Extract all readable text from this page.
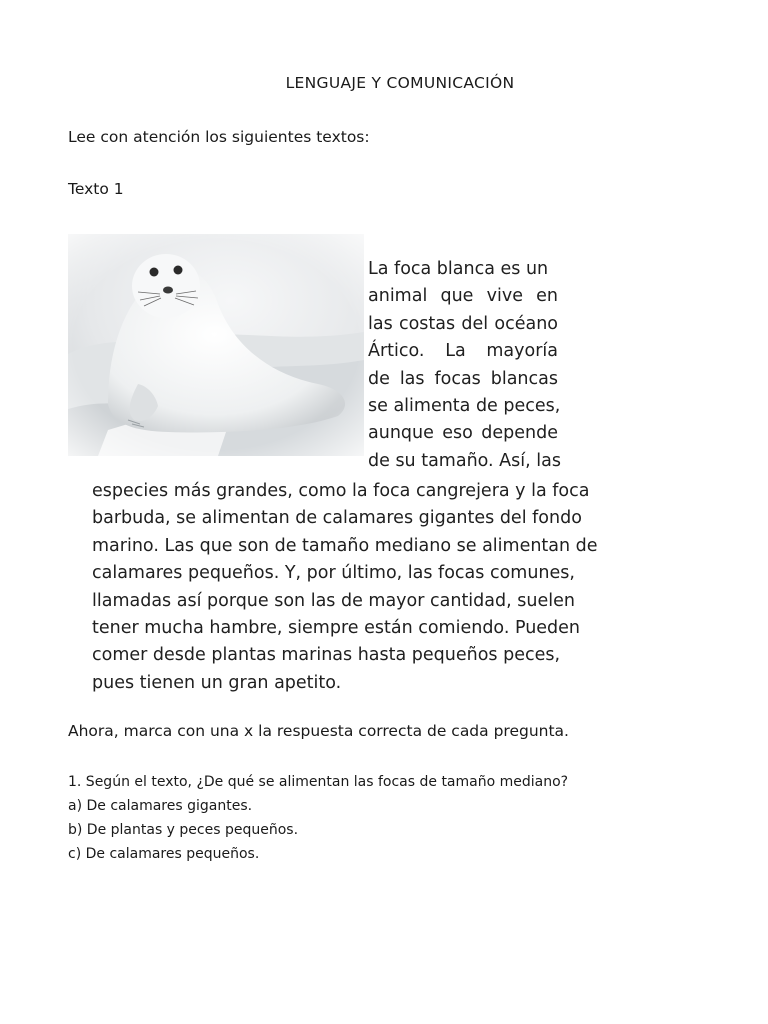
LENGUAJE Y COMUNICACIÓN
Lee con atención los siguientes textos:
Texto 1
La foca blanca es un
animal que vive en
las costas del océano
Ártico. La mayoría
de las focas blancas
se alimenta de peces,
aunque eso depende
de su tamaño. Así, las
especies más grandes, como la foca cangrejera y la foca
barbuda, se alimentan de calamares gigantes del fondo
marino. Las que son de tamaño mediano se alimentan de
calamares pequeños. Y, por último, las focas comunes,
llamadas así porque son las de mayor cantidad, suelen
tener mucha hambre, siempre están comiendo. Pueden
comer desde plantas marinas hasta pequeños peces,
pues tienen un gran apetito.
Ahora, marca con una x la respuesta correcta de cada pregunta.
1. Según el texto, ¿De qué se alimentan las focas de tamaño mediano?
a) De calamares gigantes.
b) De plantas y peces pequeños.
c) De calamares pequeños.
